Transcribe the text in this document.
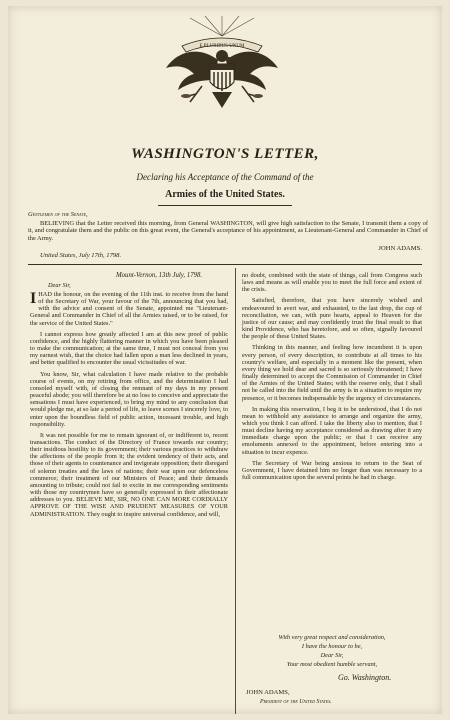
E PLURIBUS UNUM
WASHINGTON'S LETTER,
Declaring his Acceptance of the Command of the
Armies of the United States.
Gentlemen of the Senate,
BELIEVING that the Letter received this morning, from General WASHINGTON, will give high satisfaction to the Senate, I transmit them a copy of it, and congratulate them and the public on this great event, the General's acceptance of his appointment, as Lieutenant-General and Commander in Chief of the Army.
JOHN ADAMS.
United States, July 17th, 1798.
Mount-Vernon, 13th July, 1798.
Dear Sir,

IHAD the honour, on the evening of the 11th inst. to receive from the hand of the Secretary of War, your favour of the 7th, announcing that you had, with the advice and consent of the Senate, appointed me "Lieutenant-General and Commander in Chief of all the Armies raised, or to be raised, for the service of the United States."

I cannot express how greatly affected I am at this new proof of public confidence, and the highly flattering manner in which you have been pleased to make the communication; at the same time, I must not conceal from you my earnest wish, that the choice had fallen upon a man less declined in years, and better qualified to encounter the usual vicissitudes of war.

You know, Sir, what calculation I have made relative to the probable course of events, on my retiring from office, and the determination I had consoled myself with, of closing the remnant of my days in my present peaceful abode; you will therefore be at no loss to conceive and appreciate the sensations I must have experienced, to bring my mind to any conclusion that would pledge me, at so late a period of life, to leave scenes I sincerely love, to enter upon the boundless field of public action, incessant trouble, and high responsibility.

It was not possible for me to remain ignorant of, or indifferent to, recent transactions. The conduct of the Directory of France towards our country; their insidious hostility to its government; their various practices to withdraw the affections of the people from it; the evident tendency of their acts, and those of their agents to countenance and invigorate opposition; their disregard of solemn treaties and the laws of nations; their war upon our defenceless commerce; their treatment of our Ministers of Peace; and their demands amounting to tribute; could not fail to excite in me corresponding sentiments with those my countrymen have so generally expressed in their affectionate addresses to you. BELIEVE ME, SIR, NO ONE CAN MORE CORDIALLY APPROVE OF THE WISE AND PRUDENT MEASURES OF YOUR ADMINISTRATION. They ought to inspire universal confidence, and will,

no doubt, combined with the state of things, call from Congress such laws and means as will enable you to meet the full force and extent of the crisis.

Satisfied, therefore, that you have sincerely wished and endeavoured to avert war, and exhausted, to the last drop, the cup of reconciliation, we can, with pure hearts, appeal to Heaven for the justice of our cause; and may confidently trust the final result to that kind Providence, who has heretofore, and so often, signally favoured the people of these United States.

Thinking in this manner, and feeling how incumbent it is upon every person, of every description, to contribute at all times to his country's welfare, and especially in a moment like the present, when every thing we hold dear and sacred is so seriously threatened; I have finally determined to accept the Commission of Commander in Chief of the Armies of the United States; with the reserve only, that I shall not be called into the field until the army is in a situation to require my presence, or it becomes indispensable by the urgency of circumstances.

In making this reservation, I beg it to be understood, that I do not mean to withhold any assistance to arrange and organize the army, which you think I can afford. I take the liberty also to mention, that I must decline having my acceptance considered as drawing after it any immediate charge upon the public; or that I can receive any emoluments annexed to the appointment, before entering into a situation to incur expence.

The Secretary of War being anxious to return to the Seat of Government, I have detained him no longer than was necessary to a full communication upon the several points he had in charge.

With very great respect and consideration,
I have the honour to be,
Dear Sir,
Your most obedient humble servant,
Go. Washington.
JOHN ADAMS,
President of the United States.
